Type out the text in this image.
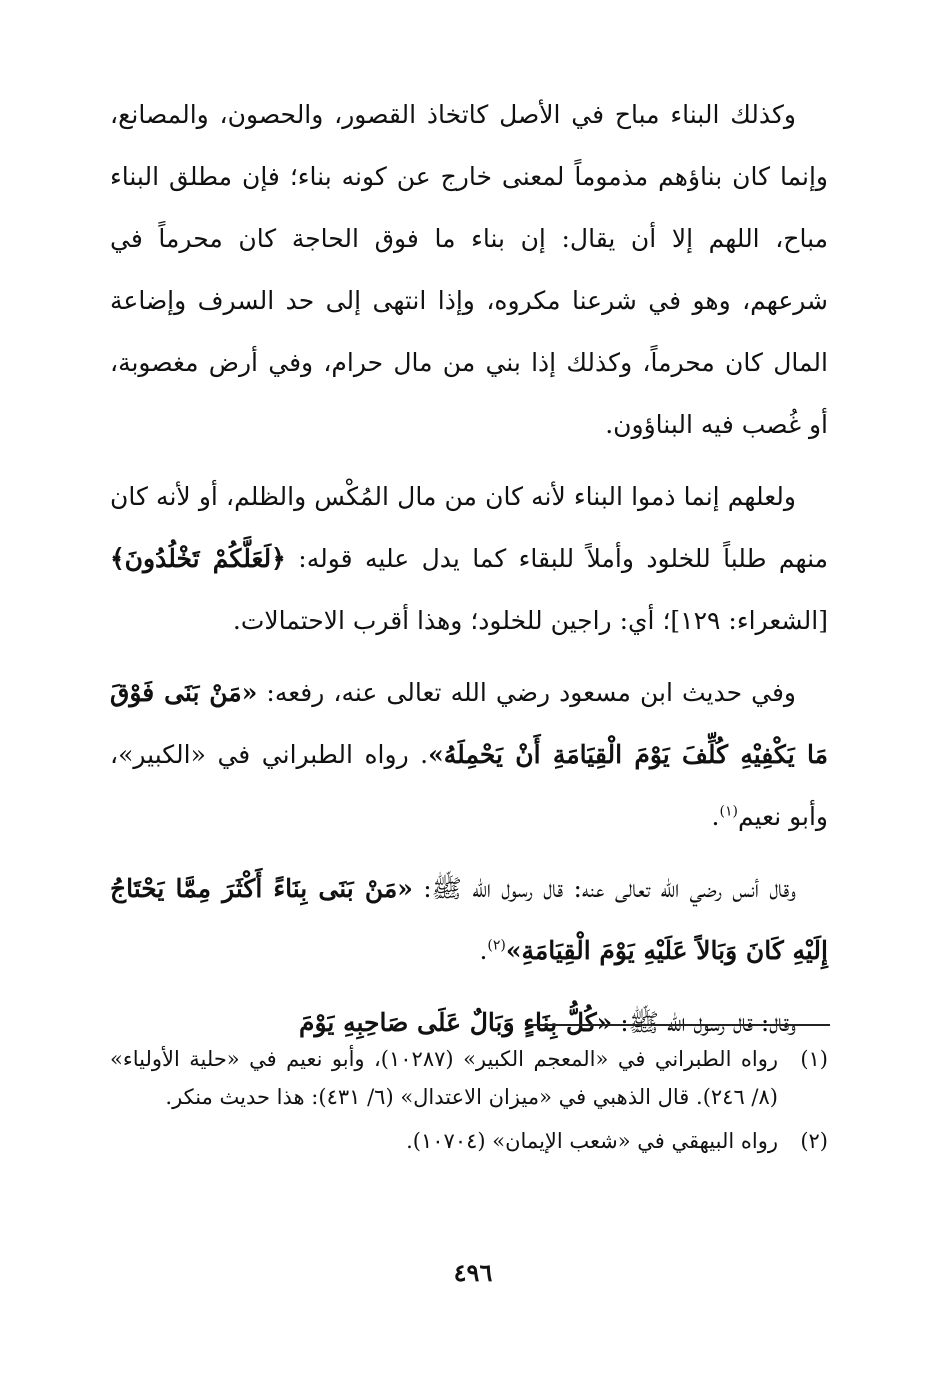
وكذلك البناء مباح في الأصل كاتخاذ القصور، والحصون، والمصانع، وإنما كان بناؤهم مذموماً لمعنى خارج عن كونه بناء؛ فإن مطلق البناء مباح، اللهم إلا أن يقال: إن بناء ما فوق الحاجة كان محرماً في شرعهم، وهو في شرعنا مكروه، وإذا انتهى إلى حد السرف وإضاعة المال كان محرماً، وكذلك إذا بني من مال حرام، وفي أرض مغصوبة، أو غُصب فيه البناؤون.

ولعلهم إنما ذموا البناء لأنه كان من مال المُكْس والظلم، أو لأنه كان منهم طلباً للخلود وأملاً للبقاء كما يدل عليه قوله: ﴿لَعَلَّكُمْ تَخْلُدُونَ﴾[الشعراء: ١٢٩]؛ أي: راجين للخلود؛ وهذا أقرب الاحتمالات.

وفي حديث ابن مسعود رضي الله تعالى عنه، رفعه: «مَنْ بَنَى فَوْقَ مَا يَكْفِيْهِ كُلِّفَ يَوْمَ الْقِيَامَةِ أَنْ يَحْمِلَهُ». رواه الطبراني في «الكبير»، وأبو نعيم$^{(١)}$.

وقال أنس رضي الله تعالى عنه: قال رسول الله ﷺ: «مَنْ بَنَى بِنَاءً أَكْثَرَ مِمَّا يَحْتَاجُ إِلَيْهِ كَانَ وَبَالاً عَلَيْهِ يَوْمَ الْقِيَامَةِ»$^{(٢)}$.

وقال: قال رسول الله ﷺ: «كُلُّ بِنَاءٍ وَبَالٌ عَلَى صَاحِبِهِ يَوْمَ

(١)
رواه الطبراني في «المعجم الكبير» (١٠٢٨٧)، وأبو نعيم في «حلية الأولياء» (٨/ ٢٤٦). قال الذهبي في «ميزان الاعتدال» (٦/ ٤٣١): هذا حديث منكر.
(٢)
رواه البيهقي في «شعب الإيمان» (١٠٧٠٤).
٤٩٦
